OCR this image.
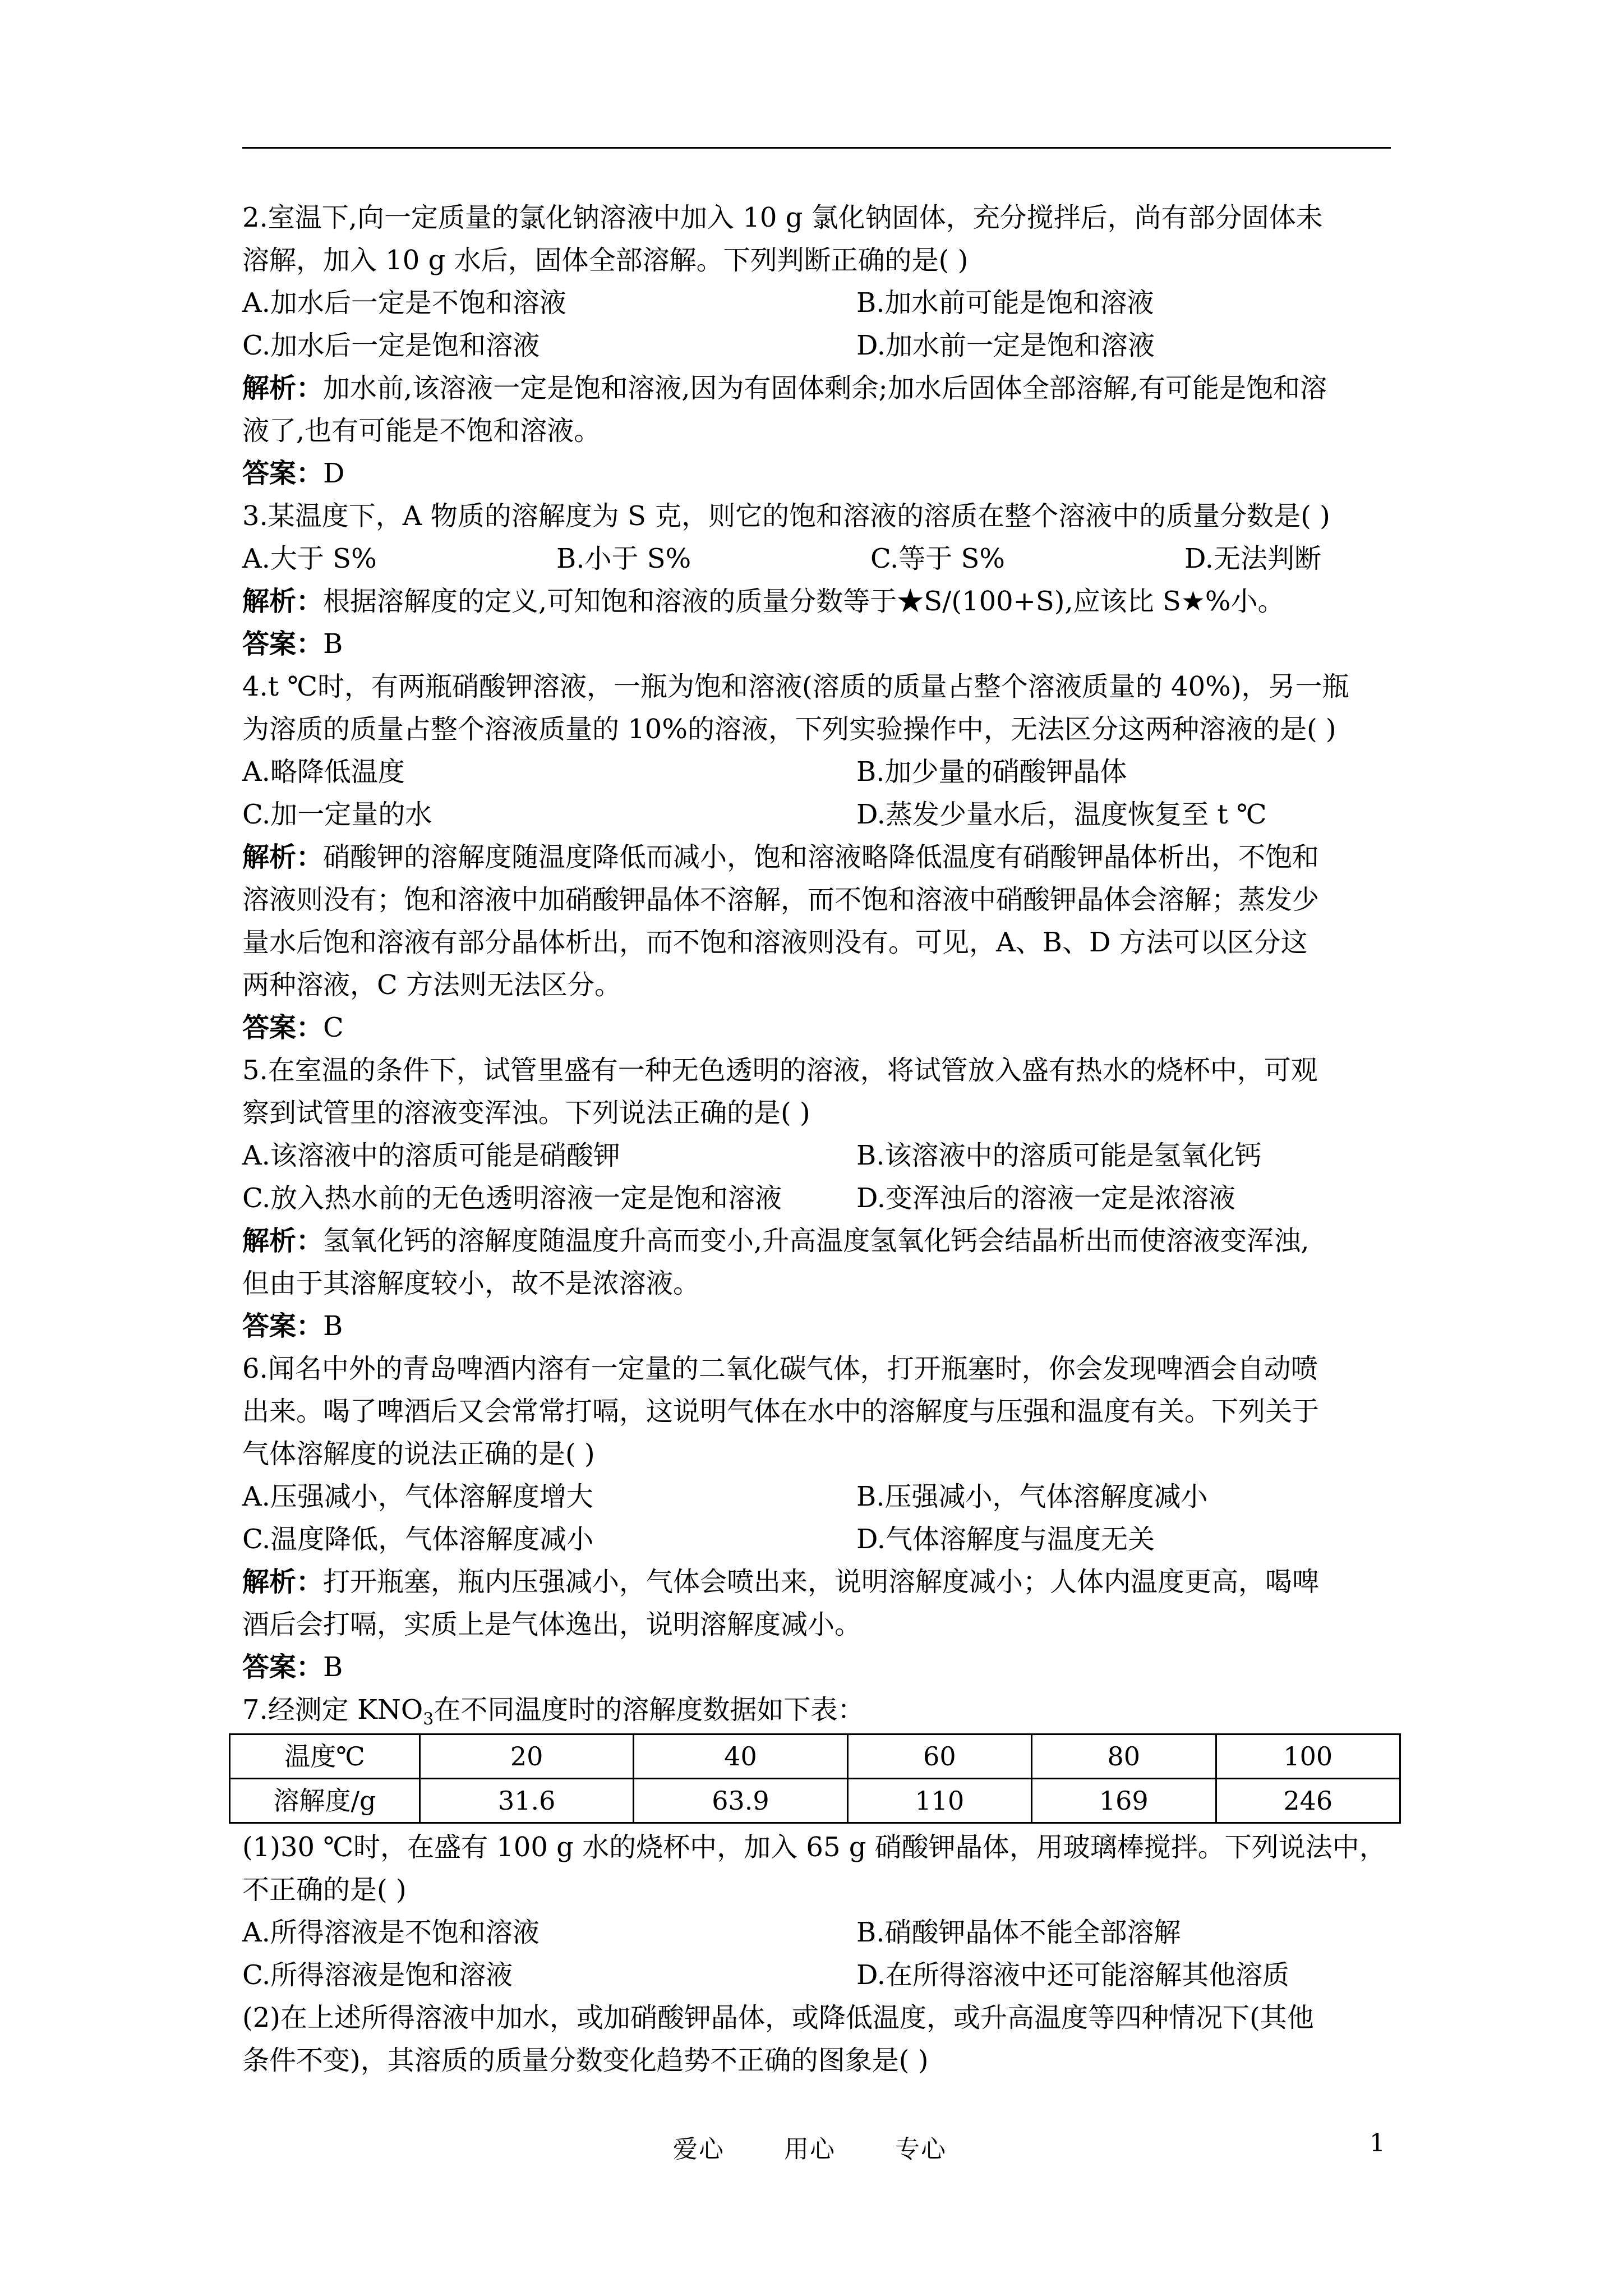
2.室温下,向一定质量的氯化钠溶液中加入 10 g 氯化钠固体，充分搅拌后，尚有部分固体未
溶解，加入 10 g 水后，固体全部溶解。下列判断正确的是( )
A.加水后一定是不饱和溶液	B.加水前可能是饱和溶液
C.加水后一定是饱和溶液	D.加水前一定是饱和溶液
解析：加水前,该溶液一定是饱和溶液,因为有固体剩余;加水后固体全部溶解,有可能是饱和溶
液了,也有可能是不饱和溶液。
答案：D
3.某温度下，A 物质的溶解度为 S 克，则它的饱和溶液的溶质在整个溶液中的质量分数是( )
A.大于 S%	B.小于 S%	C.等于 S%	D.无法判断
解析：根据溶解度的定义,可知饱和溶液的质量分数等于★S/(100+S),应该比 S★%小。
答案：B
4.t ℃时，有两瓶硝酸钾溶液，一瓶为饱和溶液(溶质的质量占整个溶液质量的 40%)，另一瓶
为溶质的质量占整个溶液质量的 10%的溶液，下列实验操作中，无法区分这两种溶液的是( )
A.略降低温度	B.加少量的硝酸钾晶体
C.加一定量的水	D.蒸发少量水后，温度恢复至 t ℃
解析：硝酸钾的溶解度随温度降低而减小，饱和溶液略降低温度有硝酸钾晶体析出，不饱和
溶液则没有；饱和溶液中加硝酸钾晶体不溶解，而不饱和溶液中硝酸钾晶体会溶解；蒸发少
量水后饱和溶液有部分晶体析出，而不饱和溶液则没有。可见，A、B、D 方法可以区分这
两种溶液，C 方法则无法区分。
答案：C
5.在室温的条件下，试管里盛有一种无色透明的溶液，将试管放入盛有热水的烧杯中，可观
察到试管里的溶液变浑浊。下列说法正确的是( )
A.该溶液中的溶质可能是硝酸钾	B.该溶液中的溶质可能是氢氧化钙
C.放入热水前的无色透明溶液一定是饱和溶液	D.变浑浊后的溶液一定是浓溶液
解析：氢氧化钙的溶解度随温度升高而变小,升高温度氢氧化钙会结晶析出而使溶液变浑浊,
但由于其溶解度较小，故不是浓溶液。
答案：B
6.闻名中外的青岛啤酒内溶有一定量的二氧化碳气体，打开瓶塞时，你会发现啤酒会自动喷
出来。喝了啤酒后又会常常打嗝，这说明气体在水中的溶解度与压强和温度有关。下列关于
气体溶解度的说法正确的是( )
A.压强减小，气体溶解度增大	B.压强减小，气体溶解度减小
C.温度降低，气体溶解度减小	D.气体溶解度与温度无关
解析：打开瓶塞，瓶内压强减小，气体会喷出来，说明溶解度减小；人体内温度更高，喝啤
酒后会打嗝，实质上是气体逸出，说明溶解度减小。
答案：B
7.经测定 $KNO_3$在不同温度时的溶解度数据如下表：
温度℃	20	40	60	80	100
溶解度/g	31.6	63.9	110	169	246
(1)30 ℃时，在盛有 100 g 水的烧杯中，加入 65 g 硝酸钾晶体，用玻璃棒搅拌。下列说法中，
不正确的是( )
A.所得溶液是不饱和溶液	B.硝酸钾晶体不能全部溶解
C.所得溶液是饱和溶液	D.在所得溶液中还可能溶解其他溶质
(2)在上述所得溶液中加水，或加硝酸钾晶体，或降低温度，或升高温度等四种情况下(其他
条件不变)，其溶质的质量分数变化趋势不正确的图象是( )
爱心 用心 专心	1
